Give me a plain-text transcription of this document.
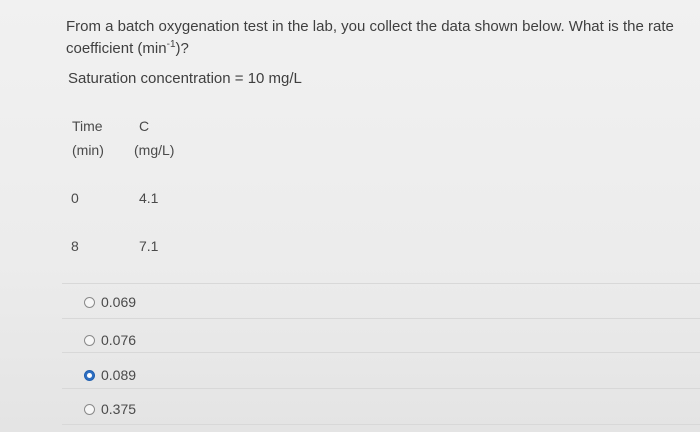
From a batch oxygenation test in the lab, you collect the data shown below. What is the rate coefficient $(\min^{-1})$?
Saturation concentration = 10 mg/L
Time
(min)
C
(mg/L)
0	4.1
8	7.1
0.069
0.076
0.089
0.375
